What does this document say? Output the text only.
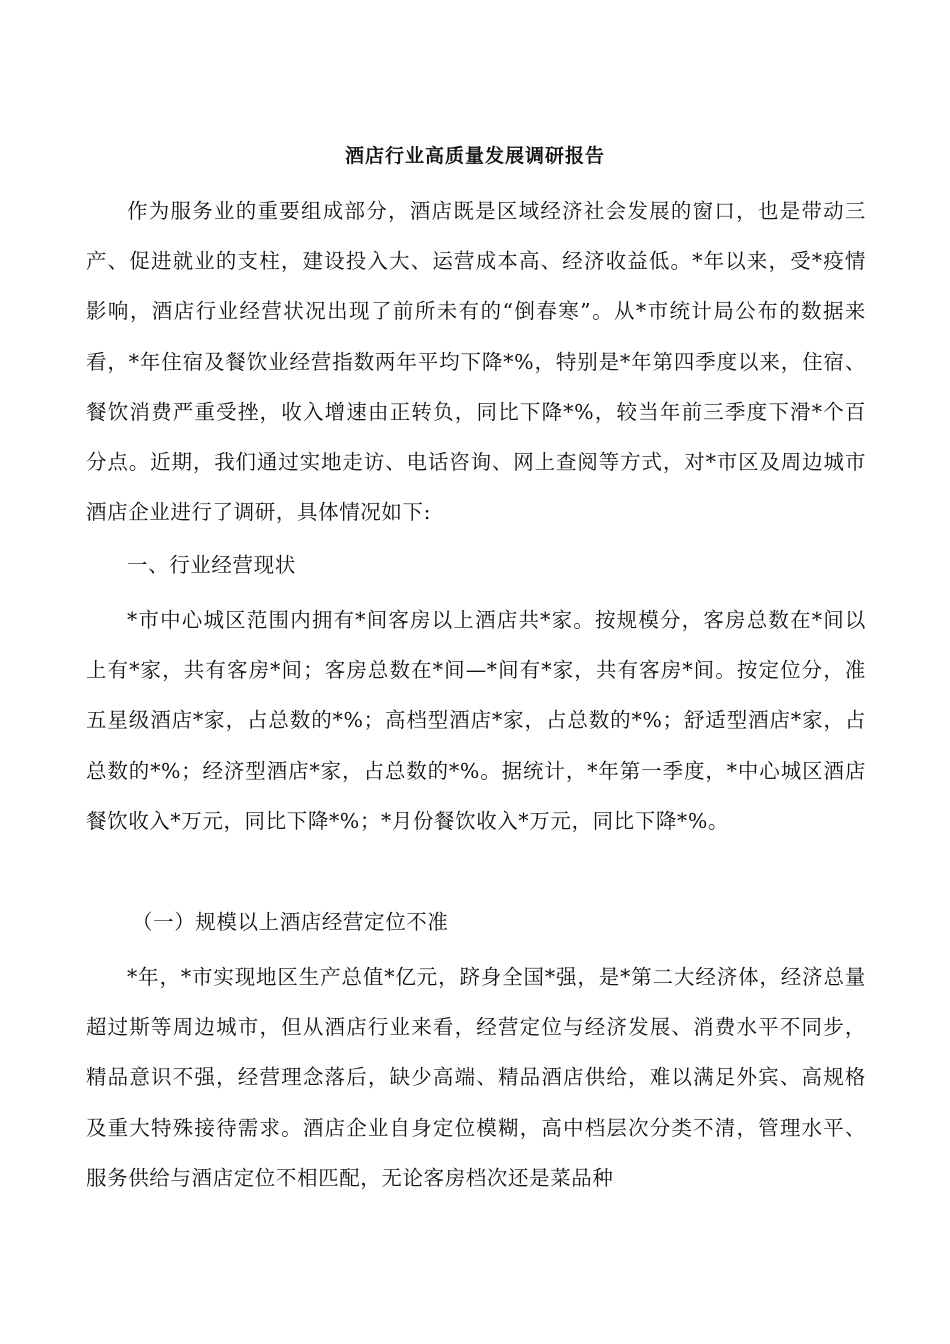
酒店行业高质量发展调研报告

作为服务业的重要组成部分，酒店既是区域经济社会发展的窗口，也是带动三产、促进就业的支柱，建设投入大、运营成本高、经济收益低。*年以来，受*疫情影响，酒店行业经营状况出现了前所未有的“倒春寒”。从*市统计局公布的数据来看，*年住宿及餐饮业经营指数两年平均下降*%，特别是*年第四季度以来，住宿、餐饮消费严重受挫，收入增速由正转负，同比下降*%，较当年前三季度下滑*个百分点。近期，我们通过实地走访、电话咨询、网上查阅等方式，对*市区及周边城市酒店企业进行了调研，具体情况如下:

一、行业经营现状

*市中心城区范围内拥有*间客房以上酒店共*家。按规模分，客房总数在*间以上有*家，共有客房*间；客房总数在*间—*间有*家，共有客房*间。按定位分，准五星级酒店*家，占总数的*%；高档型酒店*家，占总数的*%；舒适型酒店*家，占总数的*%；经济型酒店*家，占总数的*%。据统计，*年第一季度，*中心城区酒店餐饮收入*万元，同比下降*%；*月份餐饮收入*万元，同比下降*%。

（一）规模以上酒店经营定位不准

*年，*市实现地区生产总值*亿元，跻身全国*强，是*第二大经济体，经济总量超过斯等周边城市，但从酒店行业来看，经营定位与经济发展、消费水平不同步，精品意识不强，经营理念落后，缺少高端、精品酒店供给，难以满足外宾、高规格及重大特殊接待需求。酒店企业自身定位模糊，高中档层次分类不清，管理水平、服务供给与酒店定位不相匹配，无论客房档次还是菜品种
